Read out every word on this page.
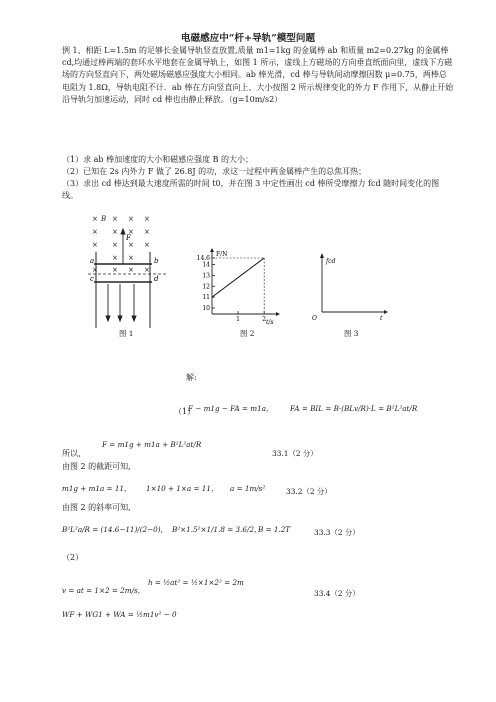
电磁感应中“杆+导轨”模型问题
例 1、相距 L=1.5m 的足够长金属导轨竖直放置,质量 m1=1kg 的金属棒 ab 和质量 m2=0.27kg 的金属棒 cd,均通过棒两端的套环水平地套在金属导轨上，如图 1 所示，虚线上方磁场的方向垂直纸面向里，虚线下方磁场的方向竖直向下，两处磁场磁感应强度大小相同。ab 棒光滑，cd 棒与导轨间动摩擦因数 μ=0.75，两棒总电阻为 1.8Ω，导轨电阻不计．ab 棒在方向竖直向上、大小按图 2 所示规律变化的外力 F 作用下，从静止开始沿导轨匀加速运动，同时 cd 棒也由静止释放。（g=10m/s2）
（1）求 ab 棒加速度的大小和磁感应强度 B 的大小；
（2）已知在 2s 内外力 F 做了 26.8J 的功，求这一过程中两金属棒产生的总焦耳热；
（3）求出 cd 棒达到最大速度所需的时间 t0，并在图 3 中定性画出 cd 棒所受摩擦力 fcd 随时间变化的图线。
× B × × ×
× × × ×
× × × ×
× ×
× × × ×
a	b
c	d
F
图 1
14.6
14
13
12
11
10
1	2
F/N
t/s
图 2
fcd
O	t
图 3
解:
（1）
F − m1g − FA = m1a， FA = BIL = B·(BLv/R)·L = B²L²at/R
所以，
F = m1g + m1a + B²L²at/R
33.1（2 分）
由图 2 的截距可知,
m1g + m1a = 11， 1×10 + 1×a = 11， a = 1m/s²	33.2（2 分）
由图 2 的斜率可知,
B²L²a/R = (14.6−11)/(2−0)， B²×1.5²×1/1.8 = 3.6/2，
B = 1.2T	33.3（2 分）
（2）
v = at = 1×2 = 2m/s，
h = ½at² = ½×1×2² = 2m
33.4（2 分）
WF + WG1 + WA = ½m1v² − 0
